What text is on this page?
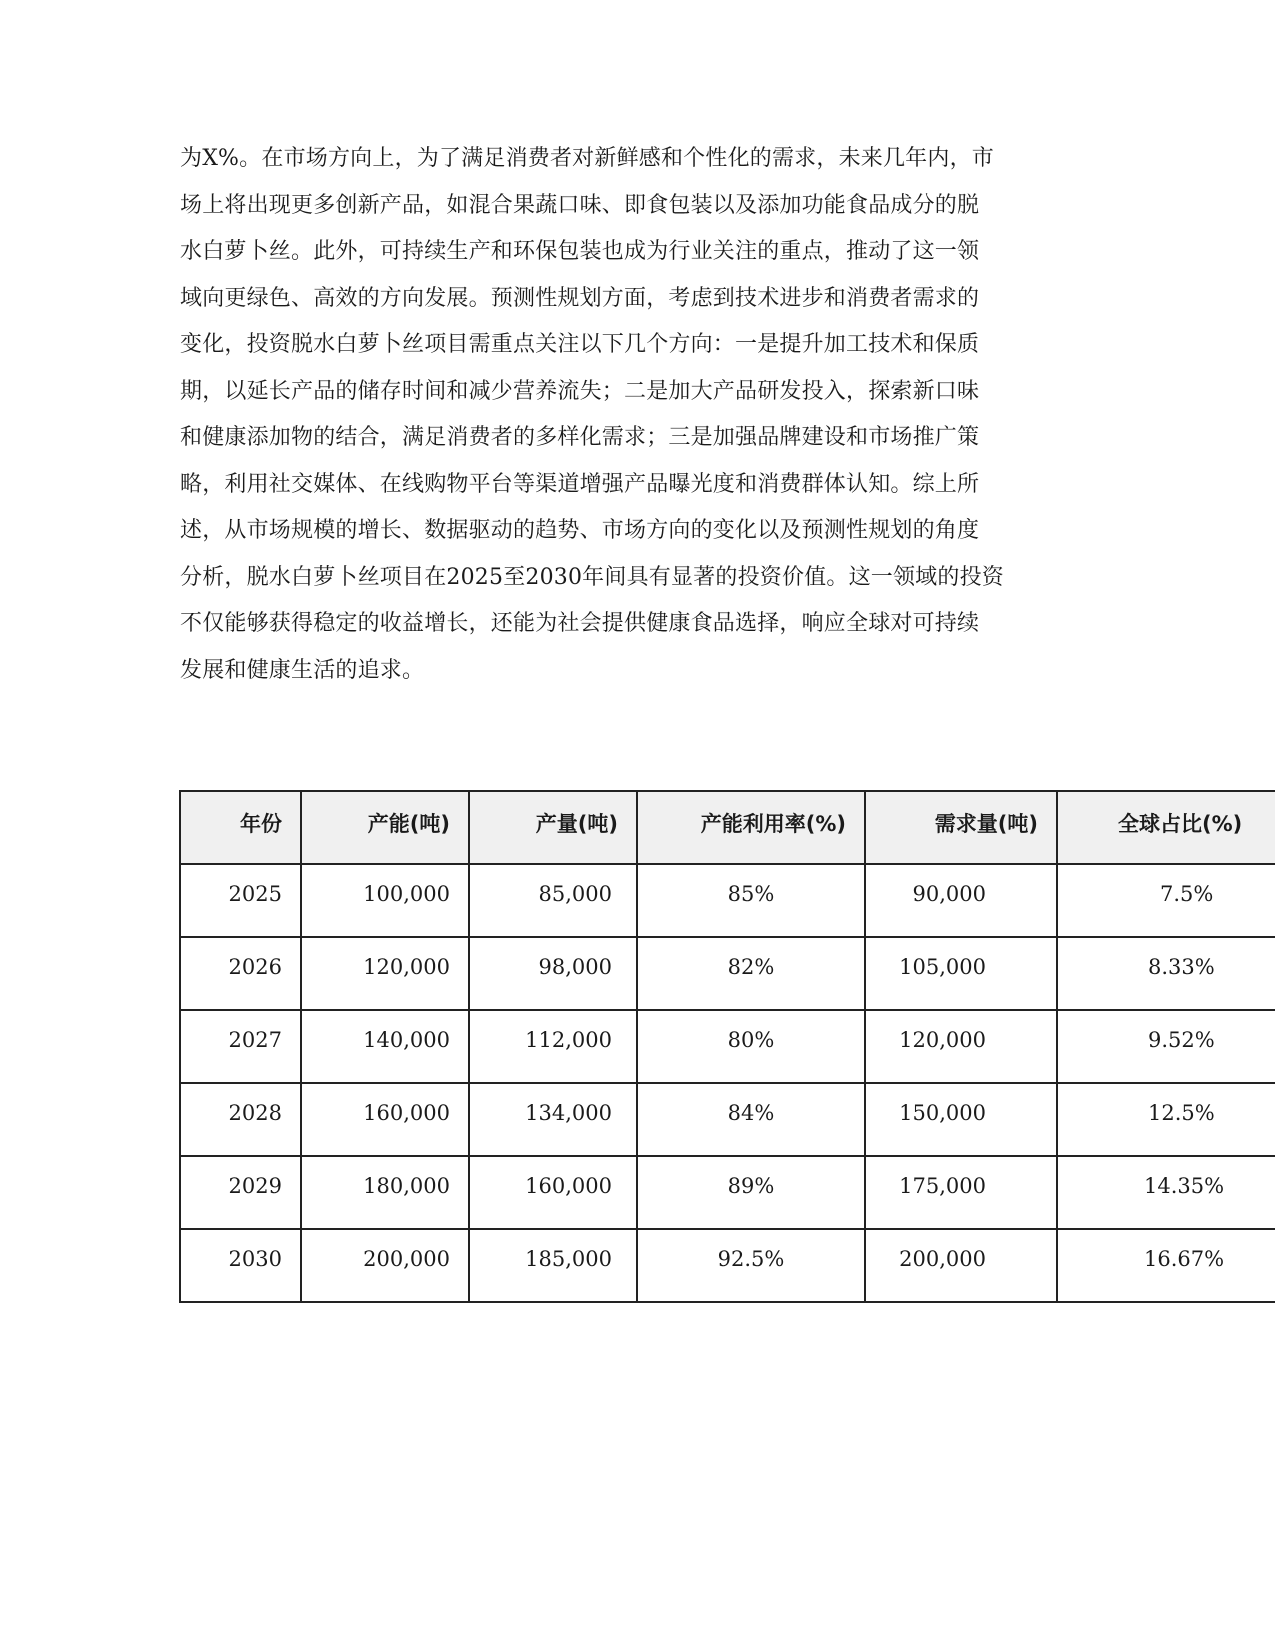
为X%。在市场方向上，为了满足消费者对新鲜感和个性化的需求，未来几年内，市
场上将出现更多创新产品，如混合果蔬口味、即食包装以及添加功能食品成分的脱
水白萝卜丝。此外，可持续生产和环保包装也成为行业关注的重点，推动了这一领
域向更绿色、高效的方向发展。预测性规划方面，考虑到技术进步和消费者需求的
变化，投资脱水白萝卜丝项目需重点关注以下几个方向：一是提升加工技术和保质
期，以延长产品的储存时间和减少营养流失；二是加大产品研发投入，探索新口味
和健康添加物的结合，满足消费者的多样化需求；三是加强品牌建设和市场推广策
略，利用社交媒体、在线购物平台等渠道增强产品曝光度和消费群体认知。综上所
述，从市场规模的增长、数据驱动的趋势、市场方向的变化以及预测性规划的角度
分析，脱水白萝卜丝项目在2025至2030年间具有显著的投资价值。这一领域的投资
不仅能够获得稳定的收益增长，还能为社会提供健康食品选择，响应全球对可持续
发展和健康生活的追求。
年份	产能(吨)	产量(吨)	产能利用率(%)	需求量(吨)	全球占比(%)
2025	100,000	85,000	85%	90,000	7.5%
2026	120,000	98,000	82%	105,000	8.33%
2027	140,000	112,000	80%	120,000	9.52%
2028	160,000	134,000	84%	150,000	12.5%
2029	180,000	160,000	89%	175,000	14.35%
2030	200,000	185,000	92.5%	200,000	16.67%
